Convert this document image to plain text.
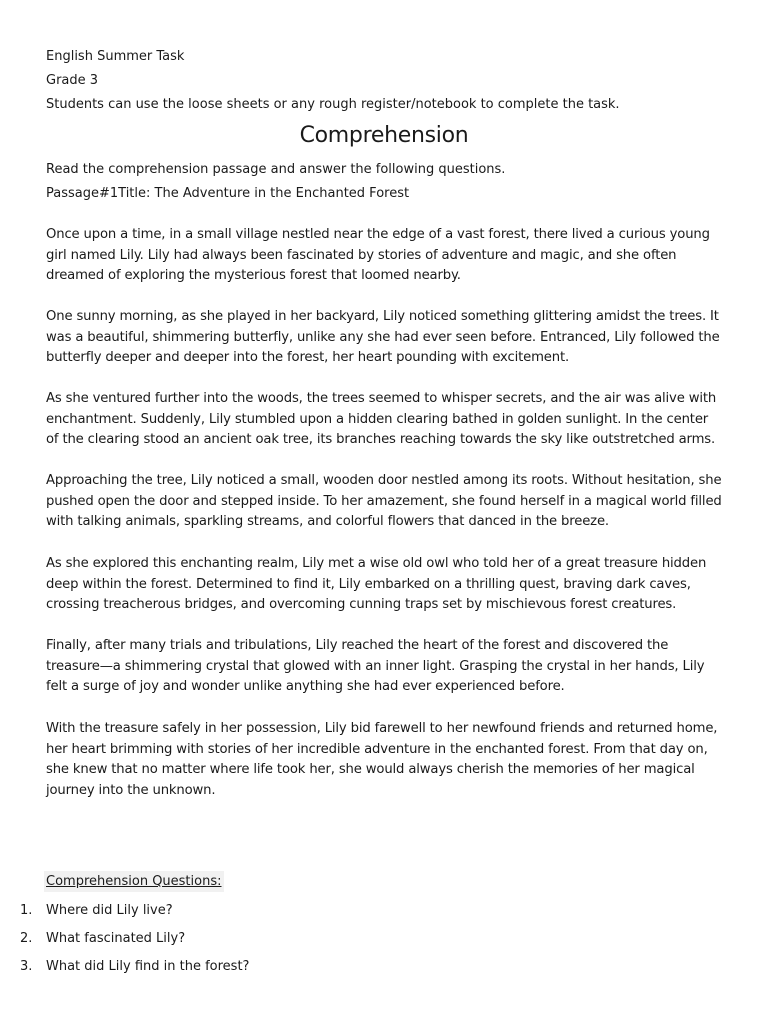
English Summer Task
Grade 3
Students can use the loose sheets or any rough register/notebook to complete the task.
Comprehension
Read the comprehension passage and answer the following questions.
Passage#1Title: The Adventure in the Enchanted Forest

Once upon a time, in a small village nestled near the edge of a vast forest, there lived a curious young girl named Lily. Lily had always been fascinated by stories of adventure and magic, and she often dreamed of exploring the mysterious forest that loomed nearby.

One sunny morning, as she played in her backyard, Lily noticed something glittering amidst the trees. It was a beautiful, shimmering butterfly, unlike any she had ever seen before. Entranced, Lily followed the butterfly deeper and deeper into the forest, her heart pounding with excitement.

As she ventured further into the woods, the trees seemed to whisper secrets, and the air was alive with enchantment. Suddenly, Lily stumbled upon a hidden clearing bathed in golden sunlight. In the center of the clearing stood an ancient oak tree, its branches reaching towards the sky like outstretched arms.

Approaching the tree, Lily noticed a small, wooden door nestled among its roots. Without hesitation, she pushed open the door and stepped inside. To her amazement, she found herself in a magical world filled with talking animals, sparkling streams, and colorful flowers that danced in the breeze.

As she explored this enchanting realm, Lily met a wise old owl who told her of a great treasure hidden deep within the forest. Determined to find it, Lily embarked on a thrilling quest, braving dark caves, crossing treacherous bridges, and overcoming cunning traps set by mischievous forest creatures.

Finally, after many trials and tribulations, Lily reached the heart of the forest and discovered the treasure—a shimmering crystal that glowed with an inner light. Grasping the crystal in her hands, Lily felt a surge of joy and wonder unlike anything she had ever experienced before.

With the treasure safely in her possession, Lily bid farewell to her newfound friends and returned home, her heart brimming with stories of her incredible adventure in the enchanted forest. From that day on, she knew that no matter where life took her, she would always cherish the memories of her magical journey into the unknown.

Comprehension Questions:
1. Where did Lily live?
2. What fascinated Lily?
3. What did Lily find in the forest?
